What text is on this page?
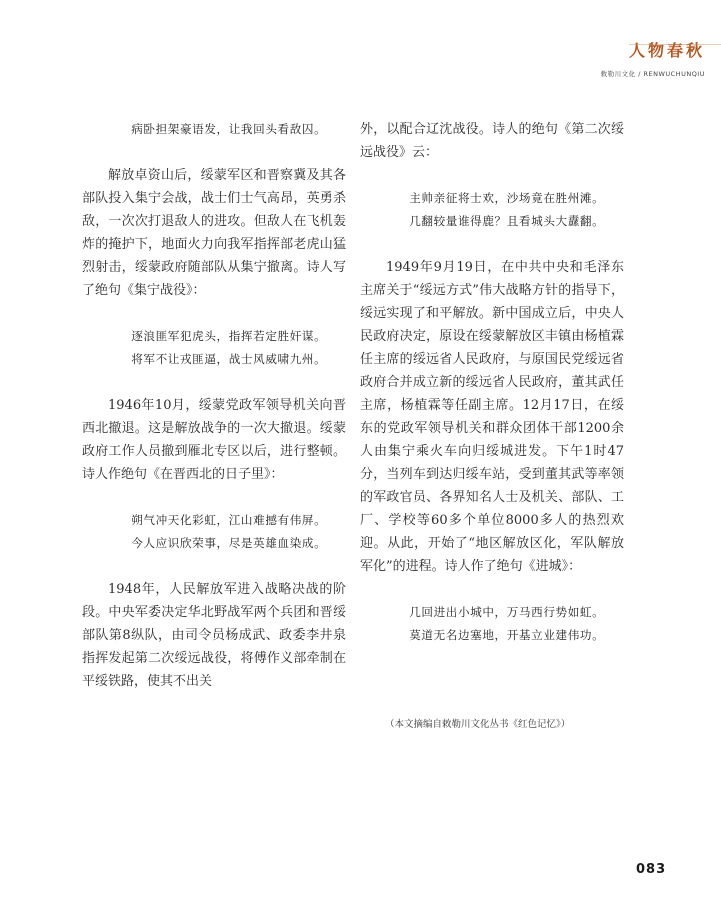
人物春秋
敕勒川文化 / RENWUCHUNQIU

病卧担架豪语发，让我回头看敌囚。

解放卓资山后，绥蒙军区和晋察冀及其各部队投入集宁会战，战士们士气高昂，英勇杀敌，一次次打退敌人的进攻。但敌人在飞机轰炸的掩护下，地面火力向我军指挥部老虎山猛烈射击，绥蒙政府随部队从集宁撤离。诗人写了绝句《集宁战役》：

逐浪匪军犯虎头，指挥若定胜奸谋。

将军不让戎匪逼，战士风威啸九州。

1946年10月，绥蒙党政军领导机关向晋西北撤退。这是解放战争的一次大撤退。绥蒙政府工作人员撤到雁北专区以后，进行整顿。诗人作绝句《在晋西北的日子里》：

朔气冲天化彩虹，江山难撼有伟屏。

今人应识欣荣事，尽是英雄血染成。

1948年，人民解放军进入战略决战的阶段。中央军委决定华北野战军两个兵团和晋绥部队第8纵队，由司令员杨成武、政委李井泉指挥发起第二次绥远战役，将傅作义部牵制在平绥铁路，使其不出关

外，以配合辽沈战役。诗人的绝句《第二次绥远战役》云：

主帅亲征将士欢，沙场竟在胜州滩。

几翻较量谁得鹿？且看城头大纛翻。

1949年9月19日，在中共中央和毛泽东主席关于“绥远方式”伟大战略方针的指导下，绥远实现了和平解放。新中国成立后，中央人民政府决定，原设在绥蒙解放区丰镇由杨植霖任主席的绥远省人民政府，与原国民党绥远省政府合并成立新的绥远省人民政府，董其武任主席，杨植霖等任副主席。12月17日，在绥东的党政军领导机关和群众团体干部1200余人由集宁乘火车向归绥城进发。下午1时47分，当列车到达归绥车站，受到董其武等率领的军政官员、各界知名人士及机关、部队、工厂、学校等60多个单位8000多人的热烈欢迎。从此，开始了“地区解放区化，军队解放军化”的进程。诗人作了绝句《进城》：

几回进出小城中，万马西行势如虹。

莫道无名边塞地，开基立业建伟功。

（本文摘编自敕勒川文化丛书《红色记忆》）
083
